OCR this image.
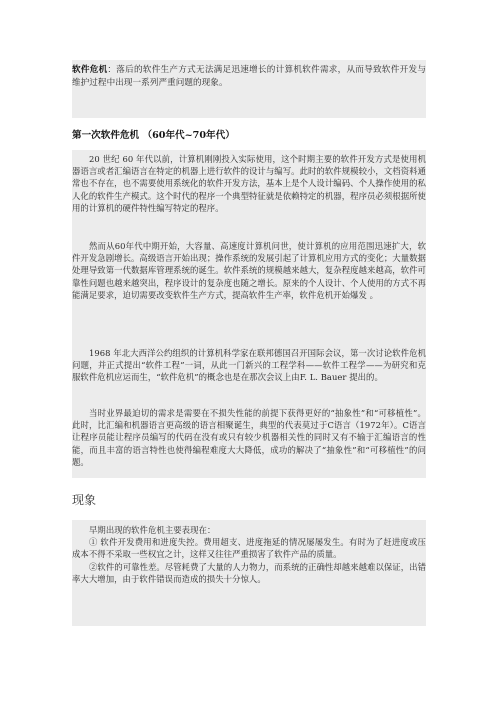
软件危机：落后的软件生产方式无法满足迅速增长的计算机软件需求，从而导致软件开发与维护过程中出现一系列严重问题的现象。

第一次软件危机 （60年代~70年代）

20 世纪 60 年代以前，计算机刚刚投入实际使用，这个时期主要的软件开发方式是使用机器语言或者汇编语言在特定的机器上进行软件的设计与编写。此时的软件规模较小，文档资料通常也不存在，也不需要使用系统化的软件开发方法，基本上是个人设计编码、个人操作使用的私人化的软件生产模式。这个时代的程序一个典型特征就是依赖特定的机器，程序员必须根据所使用的计算机的硬件特性编写特定的程序。

然而从60年代中期开始，大容量、高速度计算机问世，使计算机的应用范围迅速扩大，软件开发急剧增长。高级语言开始出现；操作系统的发展引起了计算机应用方式的变化；大量数据处理导致第一代数据库管理系统的诞生。软件系统的规模越来越大，复杂程度越来越高，软件可靠性问题也越来越突出，程序设计的复杂度也随之增长。原来的个人设计、个人使用的方式不再能满足要求，迫切需要改变软件生产方式，提高软件生产率，软件危机开始爆发 。

1968 年北大西洋公约组织的计算机科学家在联邦德国召开国际会议，第一次讨论软件危机问题，并正式提出“软件工程”一词，从此一门新兴的工程学科——软件工程学——为研究和克服软件危机应运而生，“软件危机”的概念也是在那次会议上由F. L. Bauer 提出的。

当时业界最迫切的需求是需要在不损失性能的前提下获得更好的“抽象性”和“可移植性”。此时，比汇编和机器语言更高级的语言相聚诞生，典型的代表莫过于C语言（1972年）。C语言让程序员能让程序员编写的代码在没有或只有较少机器相关性的同时又有不输于汇编语言的性能，而且丰富的语言特性也使得编程难度大大降低，成功的解决了“抽象性”和“可移植性”的问题。

现象

早期出现的软件危机主要表现在：

① 软件开发费用和进度失控。费用超支、进度拖延的情况屡屡发生。有时为了赶进度或压成本不得不采取一些权宜之计，这样又往往严重损害了软件产品的质量。

②软件的可靠性差。尽管耗费了大量的人力物力，而系统的正确性却越来越难以保证，出错率大大增加，由于软件错误而造成的损失十分惊人。
